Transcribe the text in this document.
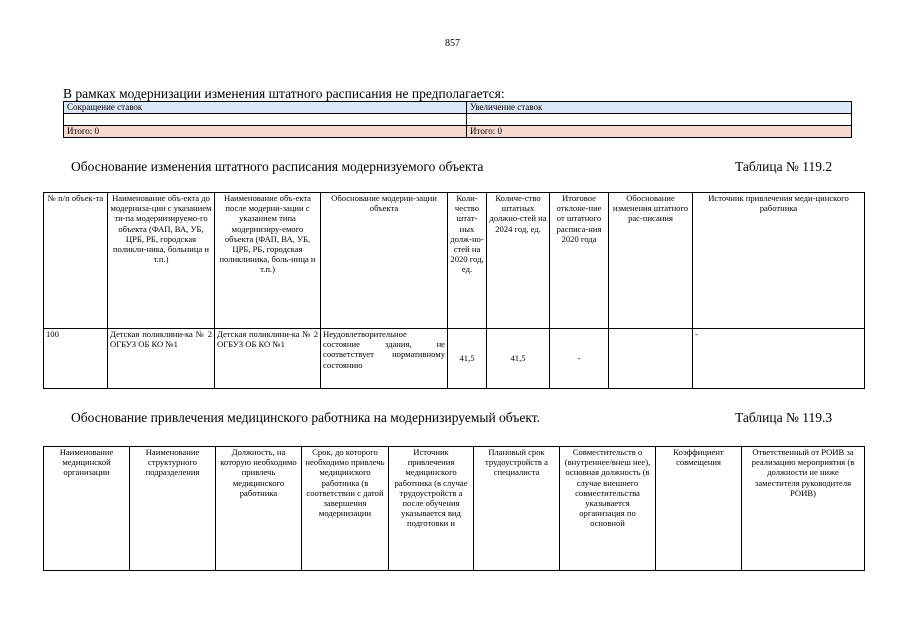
857
В рамках модернизации изменения штатного расписания не предполагается:
Сокращение ставок	Увеличение ставок

Итого: 0	Итого: 0
Обоснование изменения штатного расписания модернизуемого объекта	Таблица № 119.2
№ п/п объек-та	Наименование объ-екта до модерниза-ции с указанием ти-па модернизируемо-го объекта (ФАП, ВА, УБ, ЦРБ, РБ, городская поликли-ника, больница и т.п.)	Наименование объ-екта после модерни-зации с указанием типа модернизиру-емого объекта (ФАП, ВА, УБ, ЦРБ, РБ, городская поликлиника, боль-ница и т.п.)	Обоснование модерни-зации объекта	Коли-чество штат-ных долж-но-стей на 2020 год, ед.	Количе-ство штатных должно-стей на 2024 год, ед.	Итоговое отклоне-ние от штатного расписа-ния 2020 года	Обоснование изменения штатного рас-писания	Источник привлечения меди-цинского работника
100	Детская поликлини-ка № 2 ОГБУЗ ОБ КО №1	Детская поликлини-ка № 2 ОГБУЗ ОБ КО №1	Неудовлетворительное состояние здания, не соответствует нормативному состоянию	41,5	41,5	-		-
Обоснование привлечения медицинского работника на модернизируемый объект.	Таблица № 119.3
Наименование медицинской организации	Наименование структурного подразделения	Должность, на которую необходимо привлечь медицинского работника	Срок, до которого необходимо привлечь медицинского работника (в соответствии с датой завершения модернизации	Источник привлечения медицинского работника (в случае трудоустройств а после обучения указывается вид подготовки и	Плановый срок трудоустройств а специалиста	Совместительств о (внутреннее/внеш нее), основная должность (в случае внешнего совместительства указывается организация по основной	Коэффициент совмещения	Ответственный от РОИВ за реализацию мероприятия (в должности не ниже заместителя руководителя РОИВ)
